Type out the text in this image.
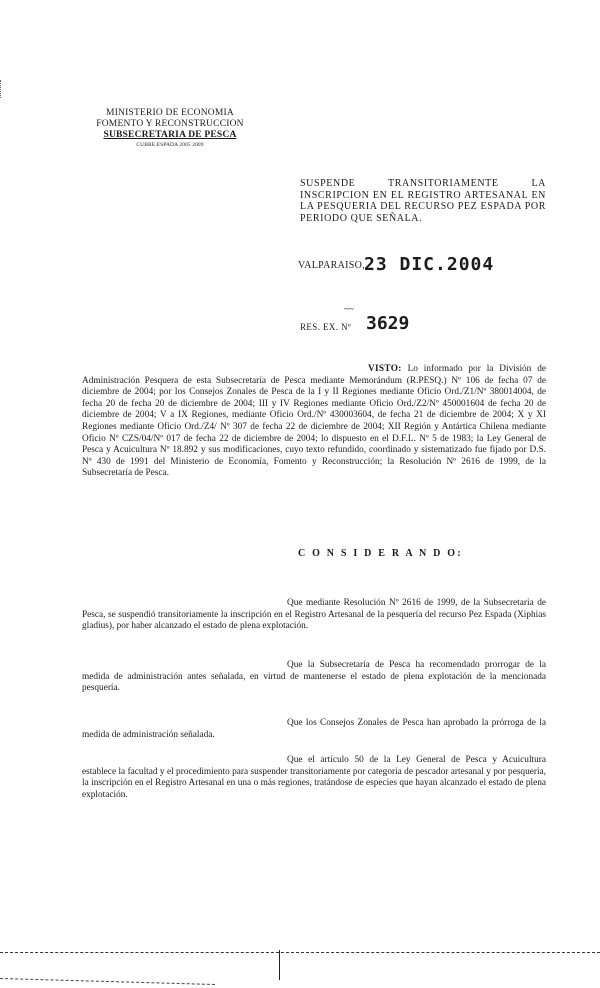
MINISTERIO DE ECONOMIA
FOMENTO Y RECONSTRUCCION
SUBSECRETARIA DE PESCA
CUBRE ESPADA 2005 2009
SUSPENDE TRANSITORIAMENTE LA INSCRIPCION EN EL REGISTRO ARTESANAL EN LA PESQUERIA DEL RECURSO PEZ ESPADA POR PERIODO QUE SEÑALA.
VALPARAISO, 23 DIC.2004
~~
RES. EX. Nº 3629
VISTO: Lo informado por la División de Administración Pesquera de esta Subsecretaría de Pesca mediante Memorándum (R.PESQ.) Nº 106 de fecha 07 de diciembre de 2004; por los Consejos Zonales de Pesca de la I y II Regiones mediante Oficio Ord./Z1/Nº 380014004, de fecha 20 de fecha 20 de diciembre de 2004; III y IV Regiones mediante Oficio Ord./Z2/Nº 450001604 de fecha 20 de diciembre de 2004; V a IX Regiones, mediante Oficio Ord./Nº 430003604, de fecha 21 de diciembre de 2004; X y XI Regiones mediante Oficio Ord./Z4/ Nº 307 de fecha 22 de diciembre de 2004; XII Región y Antártica Chilena mediante Oficio Nº CZS/04/Nº 017 de fecha 22 de diciembre de 2004; lo dispuesto en el D.F.L. Nº 5 de 1983; la Ley General de Pesca y Acuicultura Nº 18.892 y sus modificaciones, cuyo texto refundido, coordinado y sistematizado fue fijado por D.S. Nº 430 de 1991 del Ministerio de Economía, Fomento y Reconstrucción; la Resolución Nº 2616 de 1999, de la Subsecretaría de Pesca.
C O N S I D E R A N D O:
Que mediante Resolución Nº 2616 de 1999, de la Subsecretaría de Pesca, se suspendió transitoriamente la inscripción en el Registro Artesanal de la pesquería del recurso Pez Espada (Xiphias gladius), por haber alcanzado el estado de plena explotación.
Que la Subsecretaría de Pesca ha recomendado prorrogar de la medida de administración antes señalada, en virtud de mantenerse el estado de plena explotación de la mencionada pesquería.
Que los Consejos Zonales de Pesca han aprobado la prórroga de la medida de administración señalada.
Que el artículo 50 de la Ley General de Pesca y Acuicultura establece la facultad y el procedimiento para suspender transitoriamente por categoría de pescador artesanal y por pesquería, la inscripción en el Registro Artesanal en una o más regiones, tratándose de especies que hayan alcanzado el estado de plena explotación.
